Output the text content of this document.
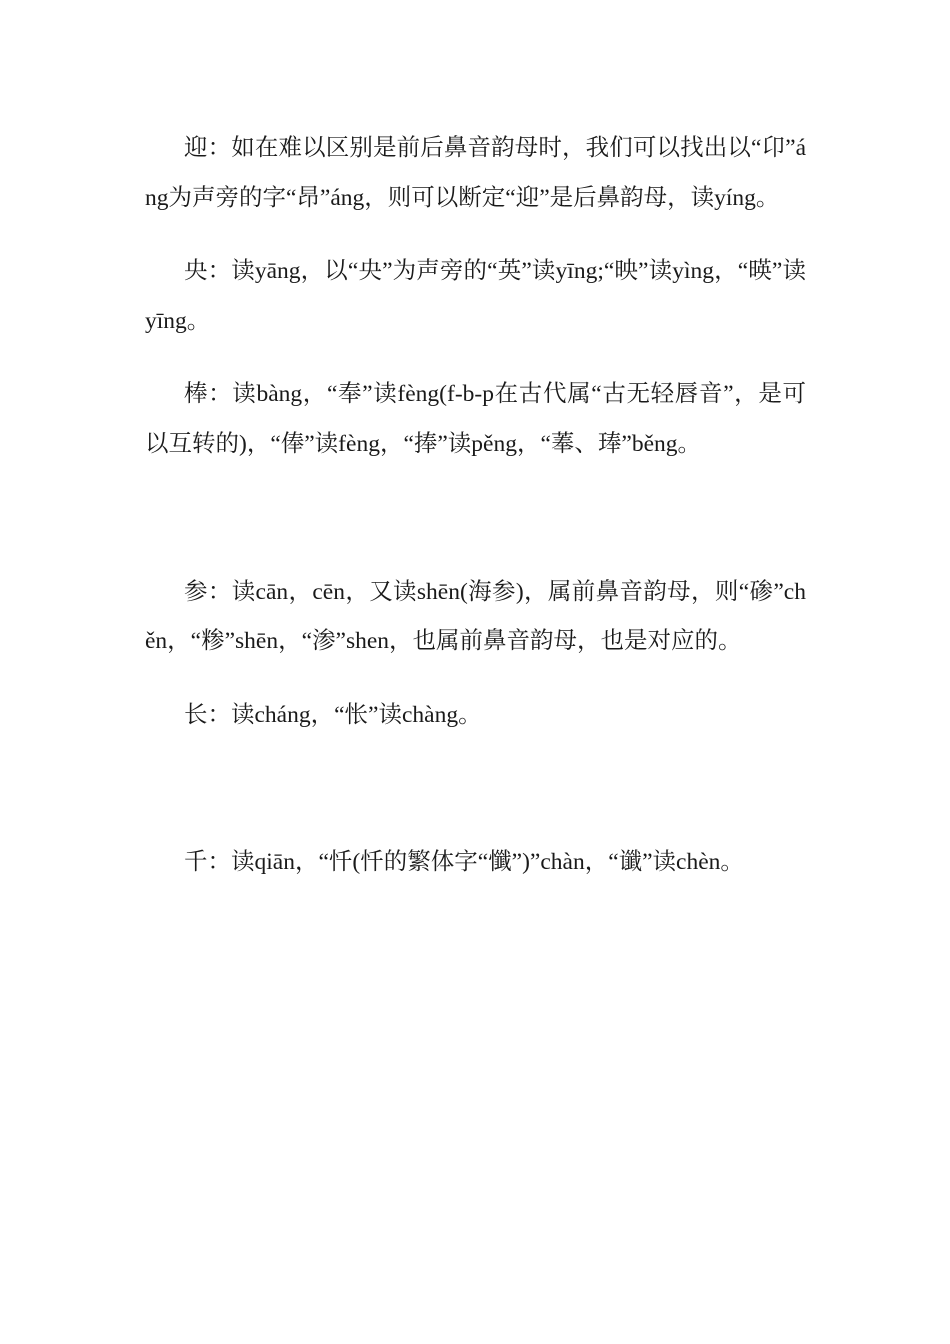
迎：如在难以区别是前后鼻音韵母时，我们可以找出以“卬”áng为声旁的字“昂”áng，则可以断定“迎”是后鼻韵母，读yíng。

央：读yāng，以“央”为声旁的“英”读yīng;“映”读yìng，“暎”读yīng。

棒：读bàng，“奉”读fèng(f-b-p在古代属“古无轻唇音”，是可以互转的)，“俸”读fèng，“捧”读pěng，“菶、琫”běng。

参：读cān，cēn，又读shēn(海参)，属前鼻音韵母，则“碜”chěn，“糁”shēn，“渗”shen，也属前鼻音韵母，也是对应的。

长：读cháng，“怅”读chàng。

千：读qiān，“忏(忏的繁体字“懺”)”chàn，“谶”读chèn。
